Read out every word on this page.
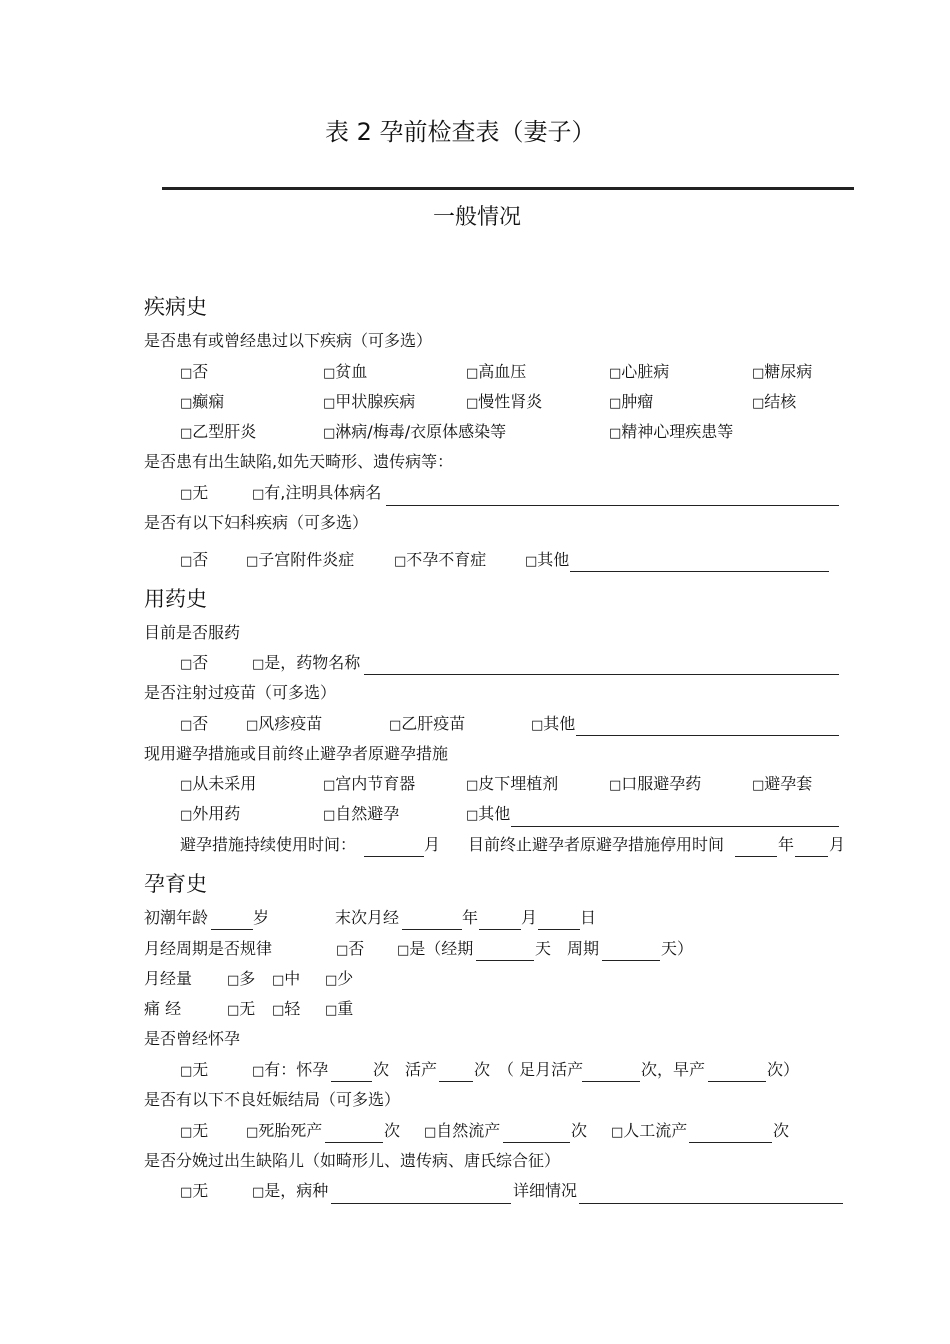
表 2 孕前检查表（妻子）
一般情况
疾病史
是否患有或曾经患过以下疾病（可多选）
□否	□贫血	□高血压	□心脏病	□糖尿病
□癫痫	□甲状腺疾病	□慢性肾炎	□肿瘤	□结核
□乙型肝炎	□淋病/梅毒/衣原体感染等	□精神心理疾患等
是否患有出生缺陷,如先天畸形、遗传病等：
□无	□有,注明具体病名
是否有以下妇科疾病（可多选）
□否	□子宫附件炎症	□不孕不育症	□其他
用药史
目前是否服药
□否	□是，药物名称
是否注射过疫苗（可多选）
□否	□风疹疫苗	□乙肝疫苗	□其他
现用避孕措施或目前终止避孕者原避孕措施
□从未采用	□宫内节育器	□皮下埋植剂	□口服避孕药	□避孕套
□外用药	□自然避孕	□其他
避孕措施持续使用时间：	月 目前终止避孕者原避孕措施停用时间	年 月
孕育史
初潮年龄	岁	末次月经	年	月	日
月经周期是否规律	□否	□是（经期	天 周期	天）
月经量	□多 □中 □少
痛 经	□无 □轻 □重
是否曾经怀孕
□无	□有：怀孕	次 活产 次 （ 足月活产	次，早产	次）
是否有以下不良妊娠结局（可多选）
□无	□死胎死产	次 □自然流产	次 □人工流产	次
是否分娩过出生缺陷儿（如畸形儿、遗传病、唐氏综合征）
□无	□是，病种	详细情况
